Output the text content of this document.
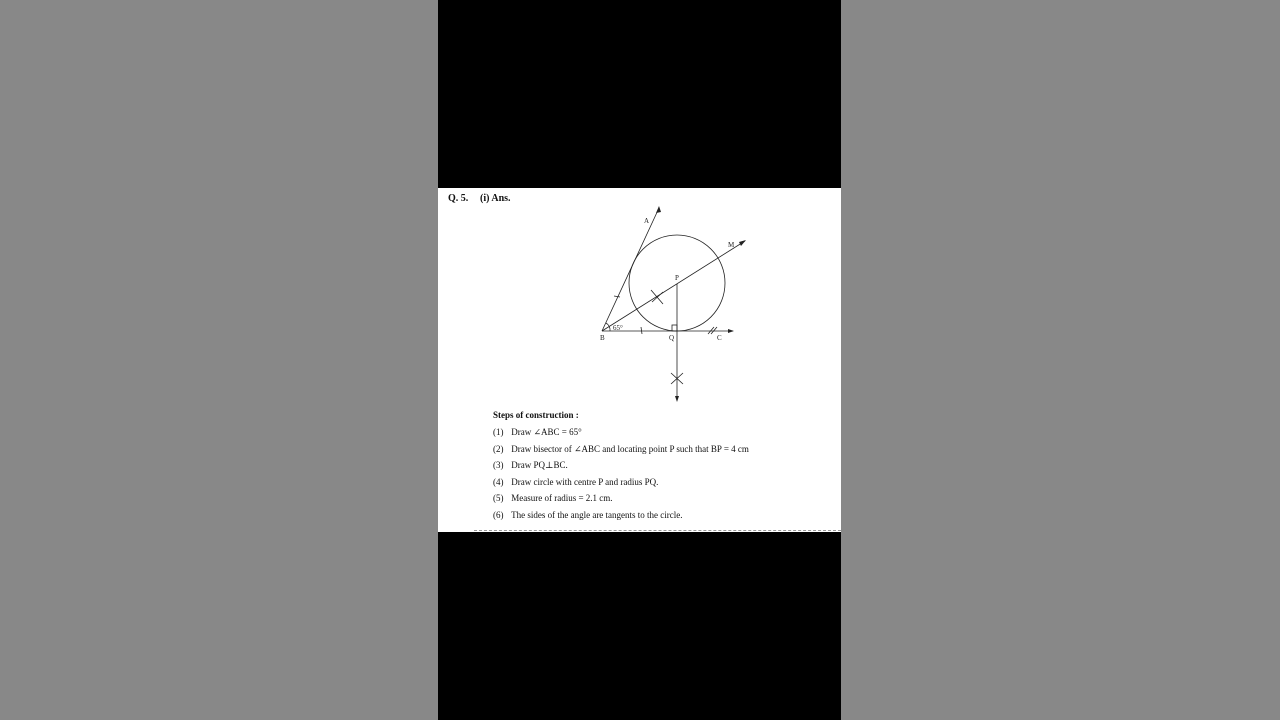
Q. 5. (i) Ans.
A
M
P
B	Q	C
65°
Steps of construction :
(1) Draw ∠ABC = 65°
(2) Draw bisector of ∠ABC and locating point P such that BP = 4 cm
(3) Draw PQ⊥BC.
(4) Draw circle with centre P and radius PQ.
(5) Measure of radius = 2.1 cm.
(6) The sides of the angle are tangents to the circle.
